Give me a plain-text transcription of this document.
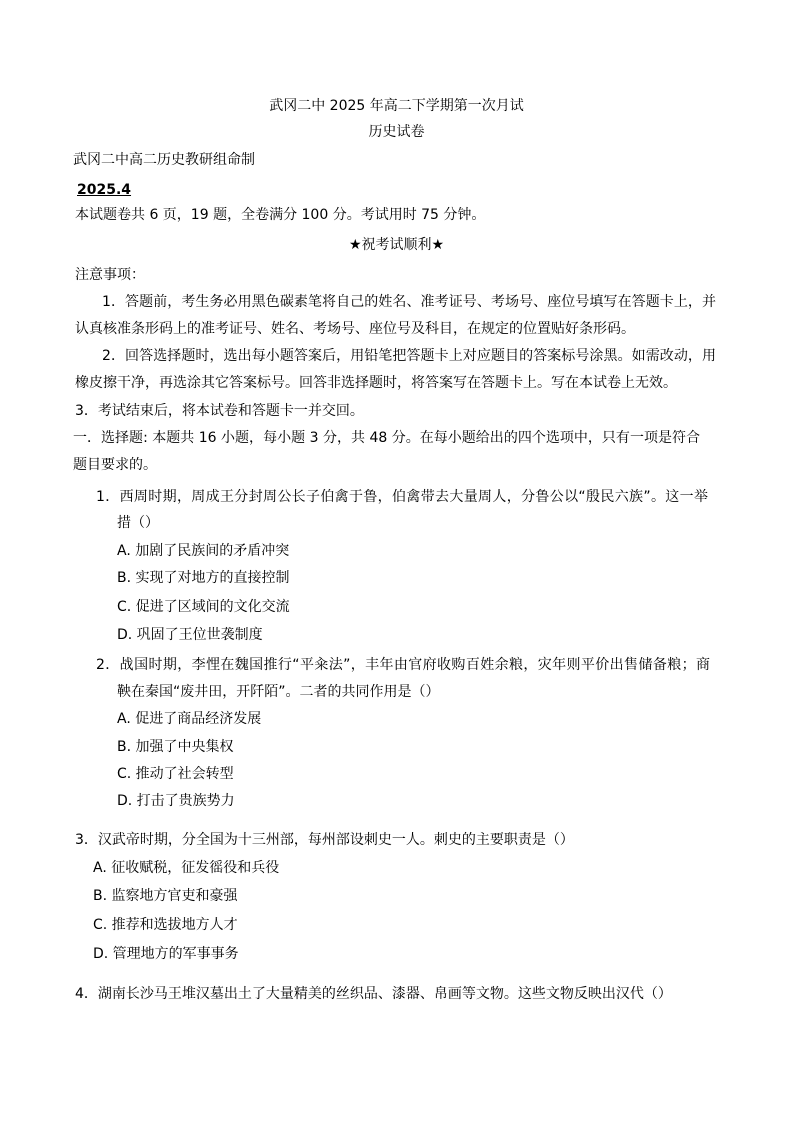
武冈二中 2025 年高二下学期第一次月试
历史试卷
武冈二中高二历史教研组命制
2025.4
本试题卷共 6 页，19 题，全卷满分 100 分。考试用时 75 分钟。
★祝考试顺利★
注意事项：
1．答题前，考生务必用黑色碳素笔将自己的姓名、准考证号、考场号、座位号填写在答题卡上，并
认真核准条形码上的准考证号、姓名、考场号、座位号及科目，在规定的位置贴好条形码。
2．回答选择题时，选出每小题答案后，用铅笔把答题卡上对应题目的答案标号涂黑。如需改动，用
橡皮擦干净，再选涂其它答案标号。回答非选择题时，将答案写在答题卡上。写在本试卷上无效。
3．考试结束后，将本试卷和答题卡一并交回。
一．选择题: 本题共 16 小题，每小题 3 分，共 48 分。在每小题给出的四个选项中，只有一项是符合
题目要求的。
1．西周时期，周成王分封周公长子伯禽于鲁，伯禽带去大量周人，分鲁公以“殷民六族”。这一举
措（）
A. 加剧了民族间的矛盾冲突
B. 实现了对地方的直接控制
C. 促进了区域间的文化交流
D. 巩固了王位世袭制度
2．战国时期，李悝在魏国推行“平籴法”，丰年由官府收购百姓余粮，灾年则平价出售储备粮；商
鞅在秦国“废井田，开阡陌”。二者的共同作用是（）
A. 促进了商品经济发展
B. 加强了中央集权
C. 推动了社会转型
D. 打击了贵族势力
3．汉武帝时期，分全国为十三州部，每州部设刺史一人。刺史的主要职责是（）
A. 征收赋税，征发徭役和兵役
B. 监察地方官吏和豪强
C. 推荐和选拔地方人才
D. 管理地方的军事事务
4．湖南长沙马王堆汉墓出土了大量精美的丝织品、漆器、帛画等文物。这些文物反映出汉代（）
